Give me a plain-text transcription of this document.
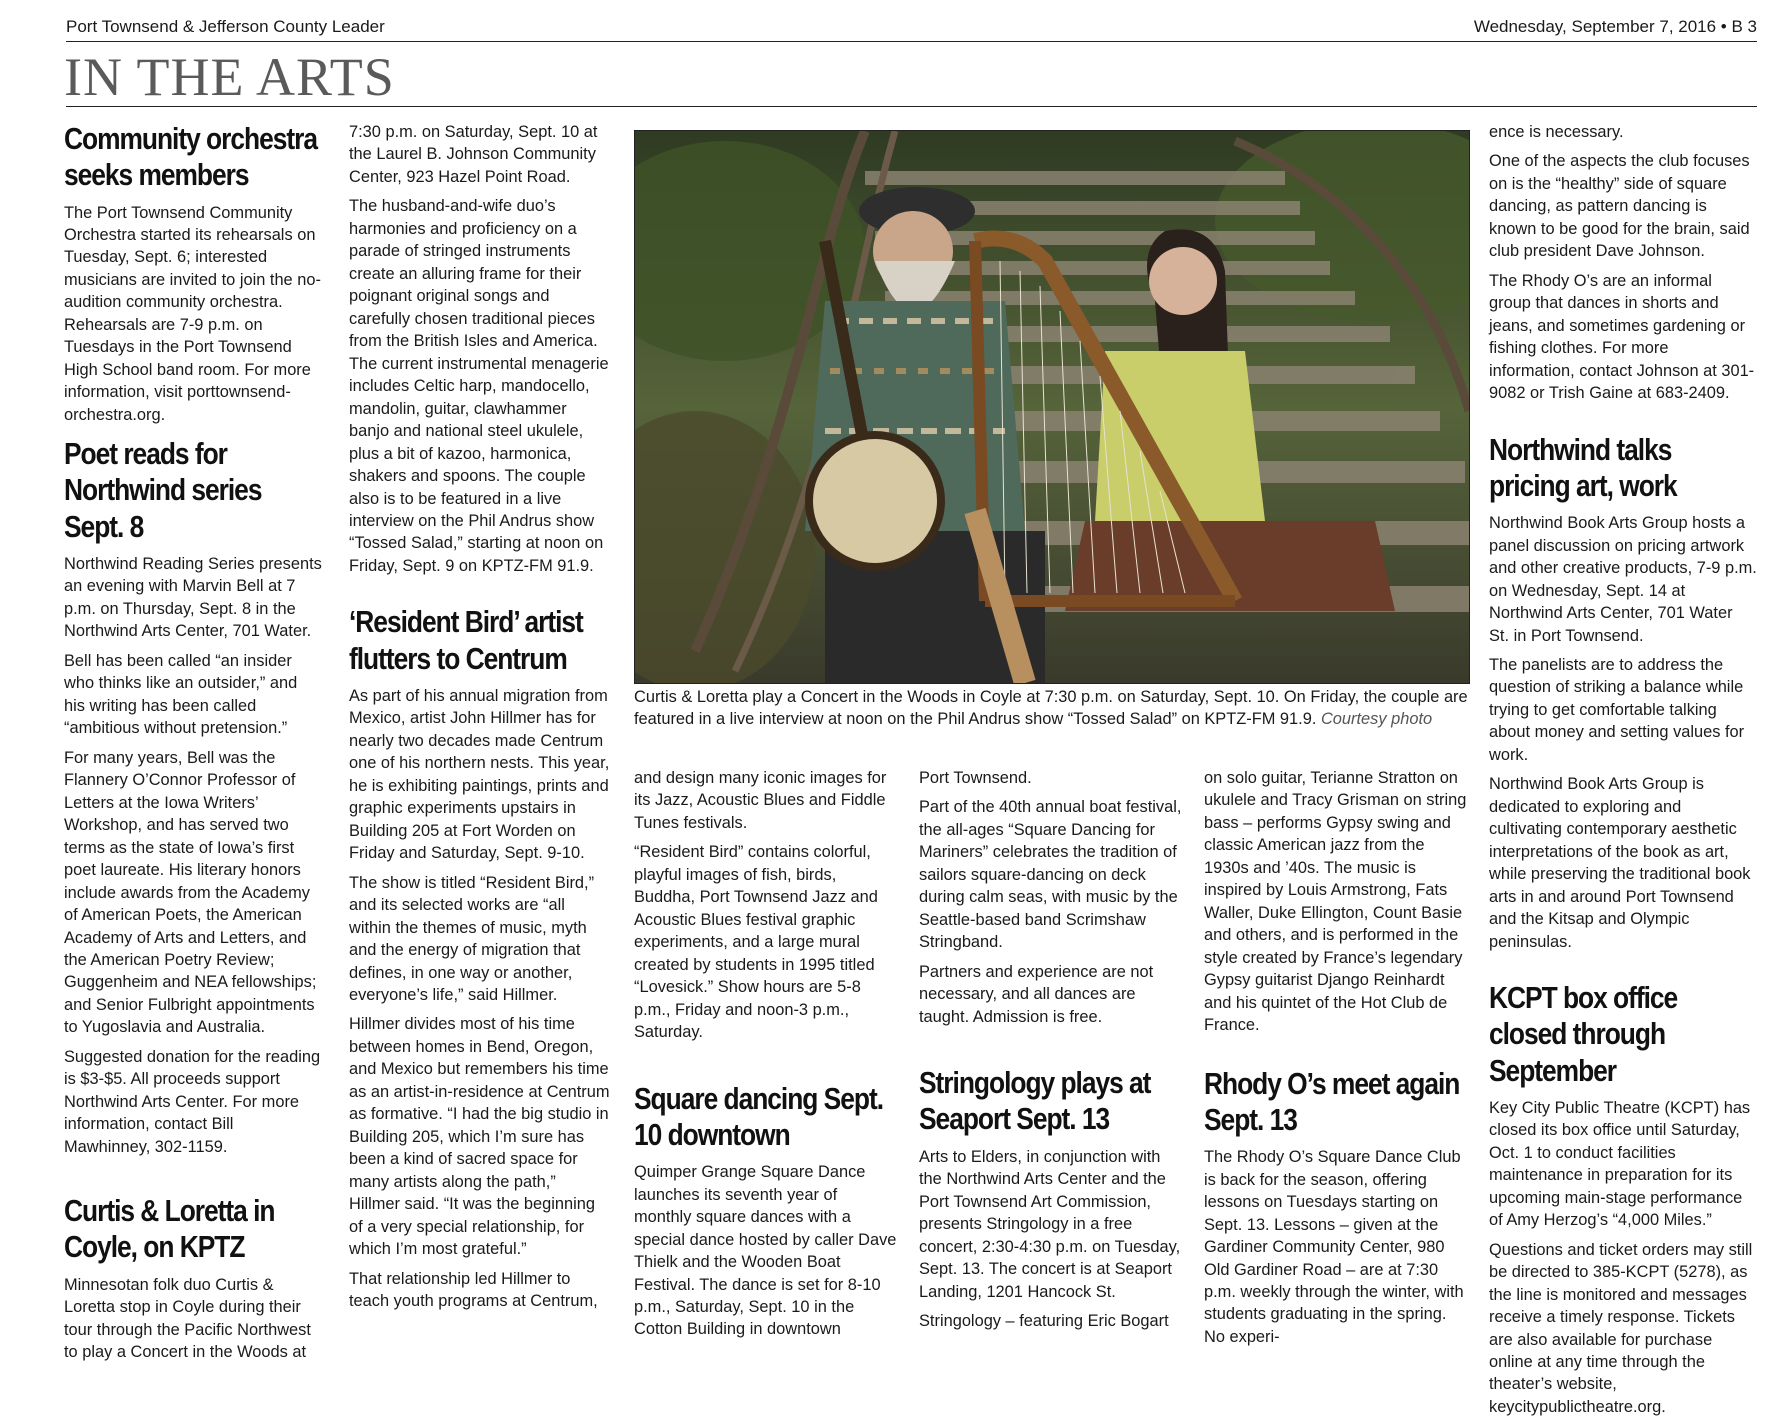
Port Townsend & Jefferson County Leader	Wednesday, September 7, 2016 • B 3
IN THE ARTS
Community orchestra seeks members

The Port Townsend Community Orchestra started its rehearsals on Tuesday, Sept. 6; interested musicians are invited to join the no-audition community orchestra. Rehearsals are 7-9 p.m. on Tuesdays in the Port Townsend High School band room. For more information, visit porttownsend-orchestra.org.

Poet reads for Northwind series Sept. 8

Northwind Reading Series presents an evening with Marvin Bell at 7 p.m. on Thursday, Sept. 8 in the Northwind Arts Center, 701 Water.

Bell has been called “an insider who thinks like an outsider,” and his writing has been called “ambitious without pretension.”

For many years, Bell was the Flannery O’Connor Professor of Letters at the Iowa Writers’ Workshop, and has served two terms as the state of Iowa’s first poet laureate. His literary honors include awards from the Academy of American Poets, the American Academy of Arts and Letters, and the American Poetry Review; Guggenheim and NEA fellowships; and Senior Fulbright appointments to Yugoslavia and Australia.

Suggested donation for the reading is $3-$5. All proceeds support Northwind Arts Center. For more information, contact Bill Mawhinney, 302-1159.

Curtis & Loretta in Coyle, on KPTZ

Minnesotan folk duo Curtis & Loretta stop in Coyle during their tour through the Pacific Northwest to play a Concert in the Woods at

7:30 p.m. on Saturday, Sept. 10 at the Laurel B. Johnson Community Center, 923 Hazel Point Road.

The husband-and-wife duo’s harmonies and proficiency on a parade of stringed instruments create an alluring frame for their poignant original songs and carefully chosen traditional pieces from the British Isles and America. The current instrumental menagerie includes Celtic harp, mandocello, mandolin, guitar, clawhammer banjo and national steel ukulele, plus a bit of kazoo, harmonica, shakers and spoons. The couple also is to be featured in a live interview on the Phil Andrus show “Tossed Salad,” starting at noon on Friday, Sept. 9 on KPTZ-FM 91.9.

‘Resident Bird’ artist flutters to Centrum

As part of his annual migration from Mexico, artist John Hillmer has for nearly two decades made Centrum one of his northern nests. This year, he is exhibiting paintings, prints and graphic experiments upstairs in Building 205 at Fort Worden on Friday and Saturday, Sept. 9-10.

The show is titled “Resident Bird,” and its selected works are “all within the themes of music, myth and the energy of migration that defines, in one way or another, everyone’s life,” said Hillmer.

Hillmer divides most of his time between homes in Bend, Oregon, and Mexico but remembers his time as an artist-in-residence at Centrum as formative. “I had the big studio in Building 205, which I’m sure has been a kind of sacred space for many artists along the path,” Hillmer said. “It was the beginning of a very special relationship, for which I’m most grateful.”

That relationship led Hillmer to teach youth programs at Centrum,

Curtis & Loretta play a Concert in the Woods in Coyle at 7:30 p.m. on Saturday, Sept. 10. On Friday, the couple are featured in a live interview at noon on the Phil Andrus show “Tossed Salad” on KPTZ-FM 91.9. Courtesy photo

and design many iconic images for its Jazz, Acoustic Blues and Fiddle Tunes festivals.

“Resident Bird” contains colorful, playful images of fish, birds, Buddha, Port Townsend Jazz and Acoustic Blues festival graphic experiments, and a large mural created by students in 1995 titled “Lovesick.” Show hours are 5-8 p.m., Friday and noon-3 p.m., Saturday.

Square dancing Sept. 10 downtown

Quimper Grange Square Dance launches its seventh year of monthly square dances with a special dance hosted by caller Dave Thielk and the Wooden Boat Festival. The dance is set for 8-10 p.m., Saturday, Sept. 10 in the Cotton Building in downtown

Port Townsend.

Part of the 40th annual boat festival, the all-ages “Square Dancing for Mariners” celebrates the tradition of sailors square-dancing on deck during calm seas, with music by the Seattle-based band Scrimshaw Stringband.

Partners and experience are not necessary, and all dances are taught. Admission is free.

Stringology plays at Seaport Sept. 13

Arts to Elders, in conjunction with the Northwind Arts Center and the Port Townsend Art Commission, presents Stringology in a free concert, 2:30-4:30 p.m. on Tuesday, Sept. 13. The concert is at Seaport Landing, 1201 Hancock St.

Stringology – featuring Eric Bogart

on solo guitar, Terianne Stratton on ukulele and Tracy Grisman on string bass – performs Gypsy swing and classic American jazz from the 1930s and ’40s. The music is inspired by Louis Armstrong, Fats Waller, Duke Ellington, Count Basie and others, and is performed in the style created by France’s legendary Gypsy guitarist Django Reinhardt and his quintet of the Hot Club de France.

Rhody O’s meet again Sept. 13

The Rhody O’s Square Dance Club is back for the season, offering lessons on Tuesdays starting on Sept. 13. Lessons – given at the Gardiner Community Center, 980 Old Gardiner Road – are at 7:30 p.m. weekly through the winter, with students graduating in the spring. No experi-

ence is necessary.

One of the aspects the club focuses on is the “healthy” side of square dancing, as pattern dancing is known to be good for the brain, said club president Dave Johnson.

The Rhody O’s are an informal group that dances in shorts and jeans, and sometimes gardening or fishing clothes. For more information, contact Johnson at 301-9082 or Trish Gaine at 683-2409.

Northwind talks pricing art, work

Northwind Book Arts Group hosts a panel discussion on pricing artwork and other creative products, 7-9 p.m. on Wednesday, Sept. 14 at Northwind Arts Center, 701 Water St. in Port Townsend.

The panelists are to address the question of striking a balance while trying to get comfortable talking about money and setting values for work.

Northwind Book Arts Group is dedicated to exploring and cultivating contemporary aesthetic interpretations of the book as art, while preserving the traditional book arts in and around Port Townsend and the Kitsap and Olympic peninsulas.

KCPT box office closed through September

Key City Public Theatre (KCPT) has closed its box office until Saturday, Oct. 1 to conduct facilities maintenance in preparation for its upcoming main-stage performance of Amy Herzog’s “4,000 Miles.”

Questions and ticket orders may still be directed to 385-KCPT (5278), as the line is monitored and messages receive a timely response. Tickets are also available for purchase online at any time through the theater’s website, keycitypublictheatre.org.
